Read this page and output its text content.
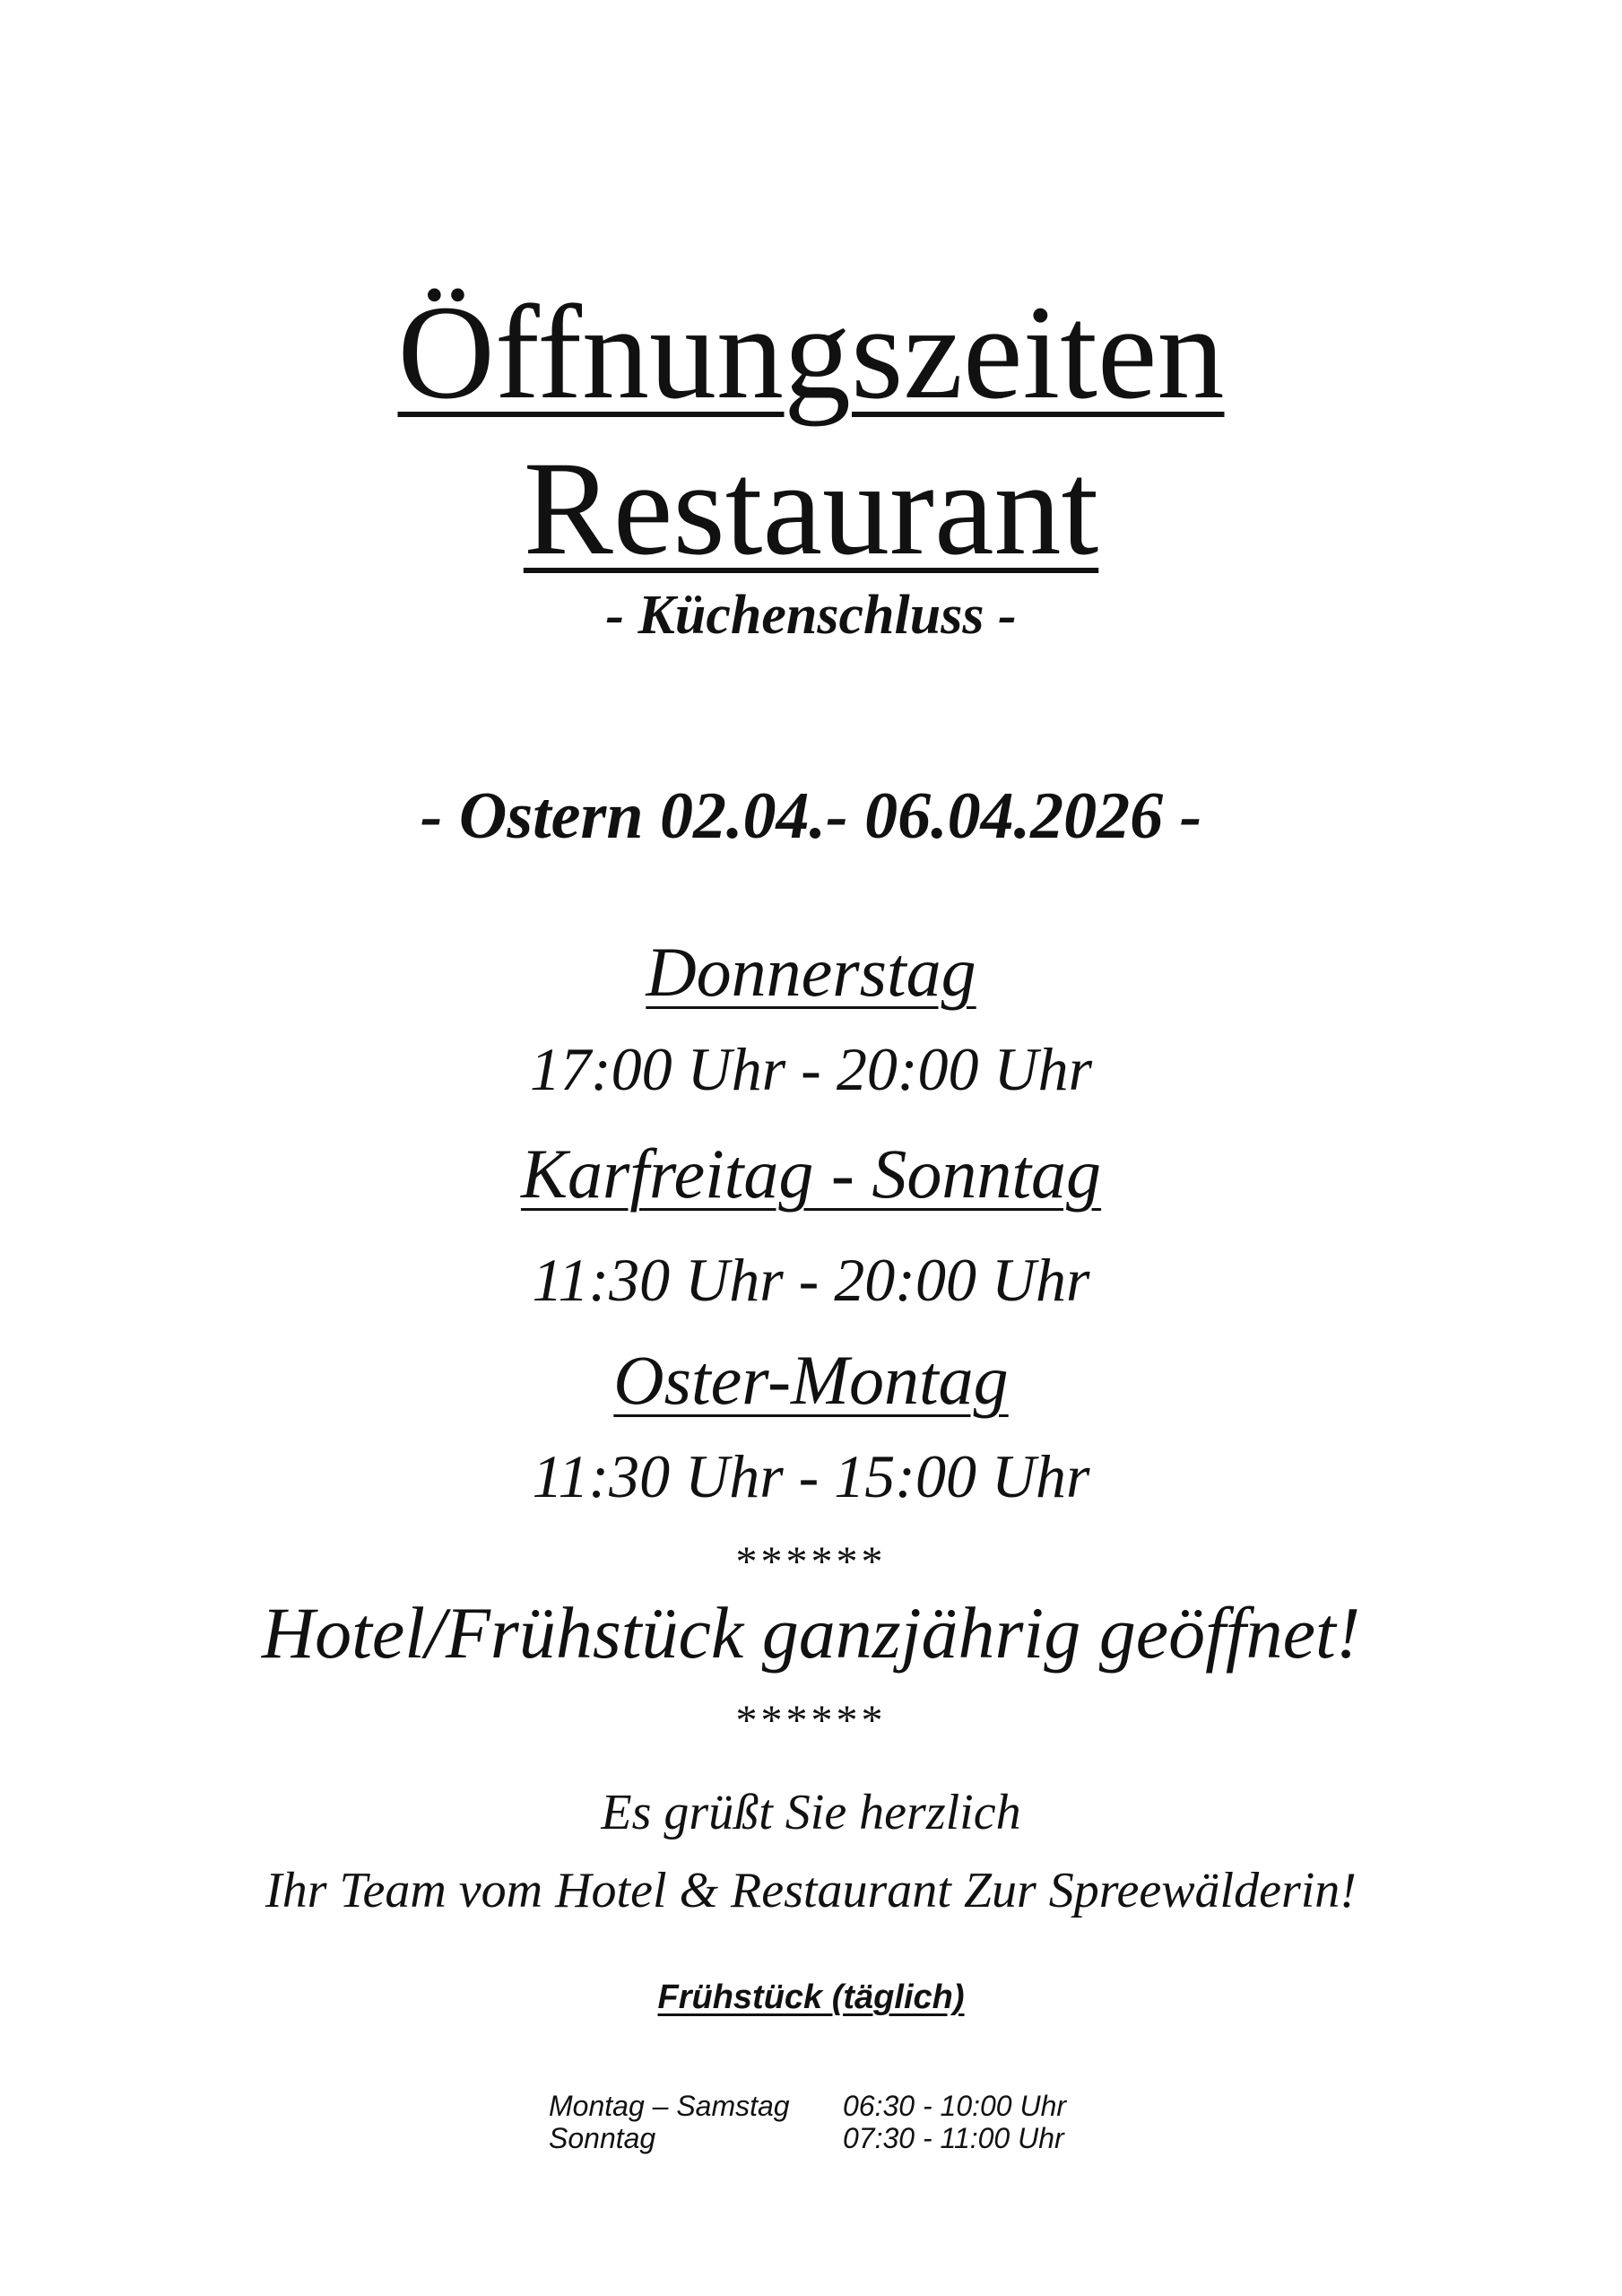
Öffnungszeiten
Restaurant
- Küchenschluss -
- Ostern 02.04.- 06.04.2026 -
Donnerstag
17:00 Uhr - 20:00 Uhr
Karfreitag - Sonntag
11:30 Uhr - 20:00 Uhr
Oster-Montag
11:30 Uhr - 15:00 Uhr
******
Hotel/Frühstück ganzjährig geöffnet!
******
Es grüßt Sie herzlich
Ihr Team vom Hotel & Restaurant Zur Spreewälderin!
Frühstück (täglich)
Montag – Samstag	06:30 - 10:00 Uhr
Sonntag	07:30 - 11:00 Uhr
